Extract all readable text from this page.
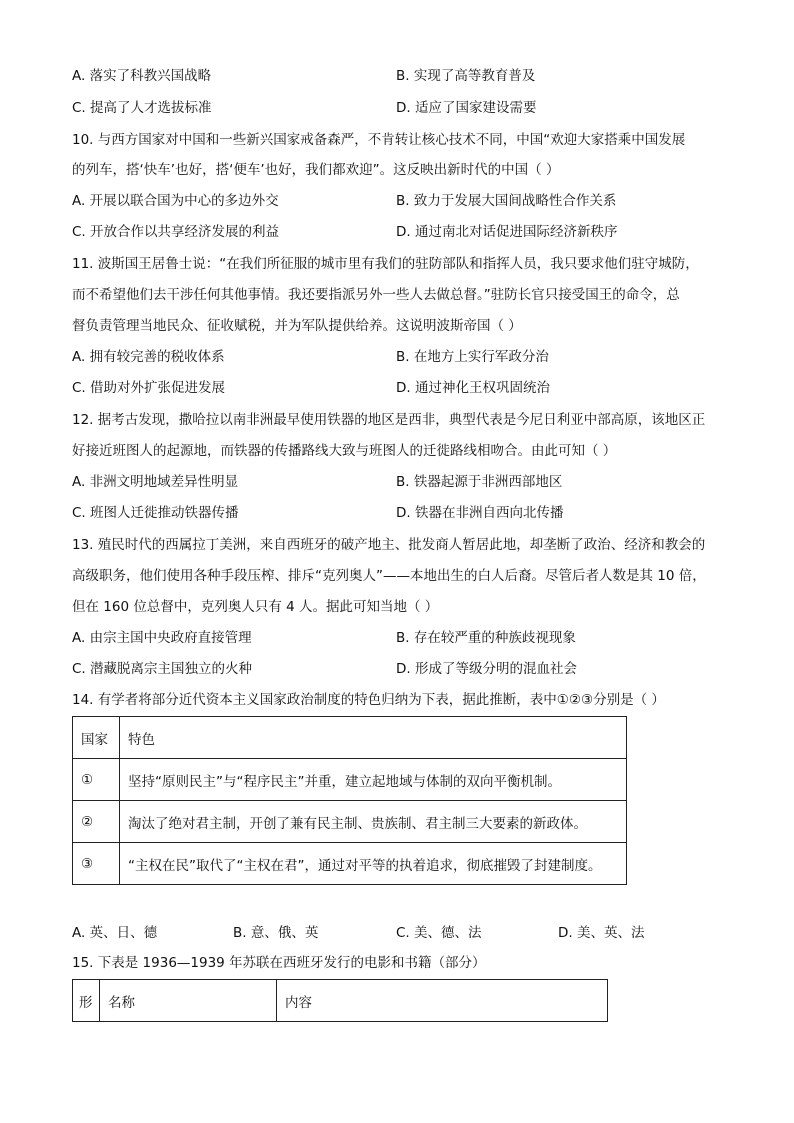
A. 落实了科教兴国战略	B. 实现了高等教育普及
C. 提高了人才选拔标准	D. 适应了国家建设需要
10. 与西方国家对中国和一些新兴国家戒备森严，不肯转让核心技术不同，中国“欢迎大家搭乘中国发展
的列车，搭‘快车’也好，搭‘便车’也好，我们都欢迎”。这反映出新时代的中国（ ）
A. 开展以联合国为中心的多边外交	B. 致力于发展大国间战略性合作关系
C. 开放合作以共享经济发展的利益	D. 通过南北对话促进国际经济新秩序
11. 波斯国王居鲁士说：“在我们所征服的城市里有我们的驻防部队和指挥人员，我只要求他们驻守城防，
而不希望他们去干涉任何其他事情。我还要指派另外一些人去做总督。”驻防长官只接受国王的命令，总
督负责管理当地民众、征收赋税，并为军队提供给养。这说明波斯帝国（ ）
A. 拥有较完善的税收体系	B. 在地方上实行军政分治
C. 借助对外扩张促进发展	D. 通过神化王权巩固统治
12. 据考古发现，撒哈拉以南非洲最早使用铁器的地区是西非，典型代表是今尼日利亚中部高原，该地区正
好接近班图人的起源地，而铁器的传播路线大致与班图人的迁徙路线相吻合。由此可知（ ）
A. 非洲文明地域差异性明显	B. 铁器起源于非洲西部地区
C. 班图人迁徙推动铁器传播	D. 铁器在非洲自西向北传播
13. 殖民时代的西属拉丁美洲，来自西班牙的破产地主、批发商人暂居此地，却垄断了政治、经济和教会的
高级职务，他们使用各种手段压榨、排斥“克列奥人”——本地出生的白人后裔。尽管后者人数是其 10 倍，
但在 160 位总督中，克列奥人只有 4 人。据此可知当地（ ）
A. 由宗主国中央政府直接管理	B. 存在较严重的种族歧视现象
C. 潜藏脱离宗主国独立的火种	D. 形成了等级分明的混血社会
14. 有学者将部分近代资本主义国家政治制度的特色归纳为下表，据此推断，表中①②③分别是（ ）
国家	特色
①	坚持“原则民主”与“程序民主”并重，建立起地域与体制的双向平衡机制。
②	淘汰了绝对君主制，开创了兼有民主制、贵族制、君主制三大要素的新政体。
③	“主权在民”取代了“主权在君”，通过对平等的执着追求，彻底摧毁了封建制度。
A. 英、日、德	B. 意、俄、英	C. 美、德、法	D. 美、英、法
15. 下表是 1936—1939 年苏联在西班牙发行的电影和书籍（部分）
形	名称	内容
